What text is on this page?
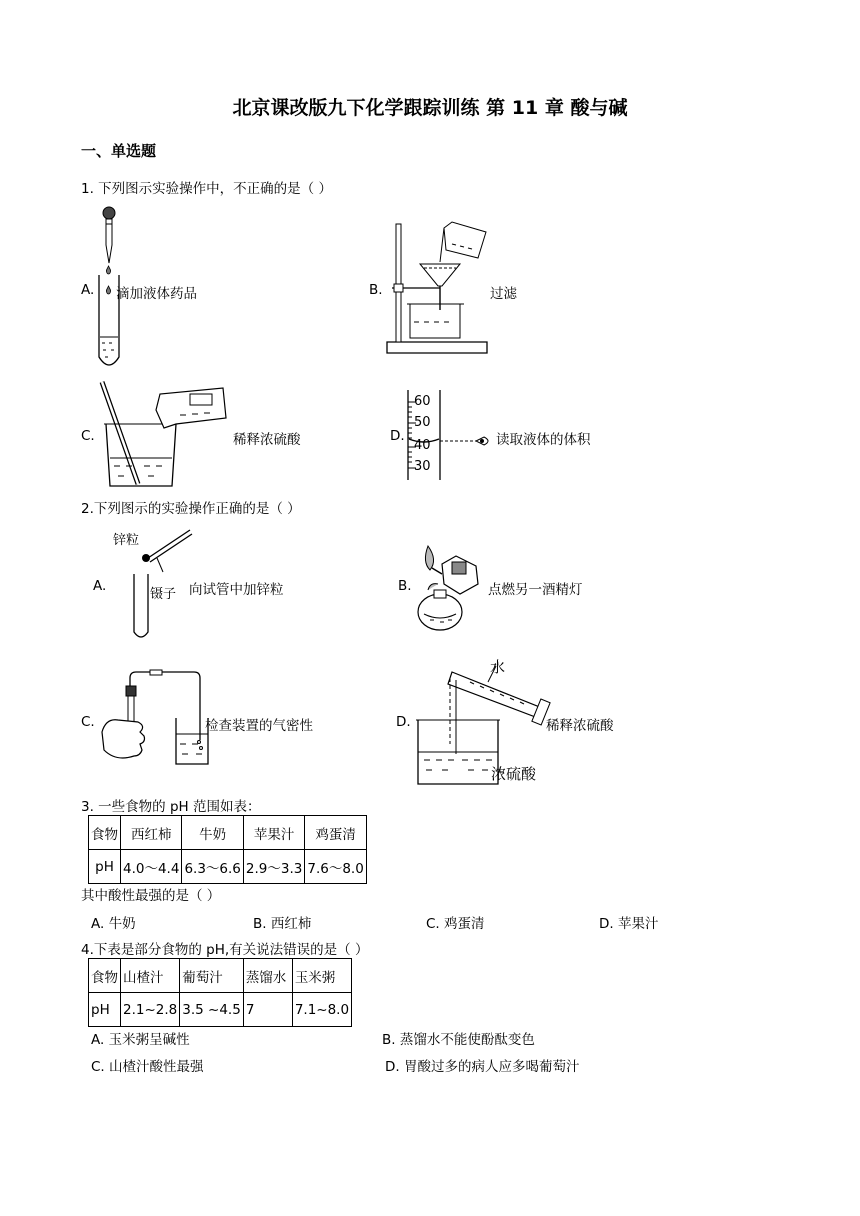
北京课改版九下化学跟踪训练 第 11 章 酸与碱
一、单选题
1. 下列图示实验操作中，不正确的是（ ）
A. 滴加液体药品	B.	过滤
C.	稀释浓硫酸
60
50
40
30
D.	读取液体的体积
2.下列图示的实验操作正确的是（ ）
锌粒
镊子
A.	向试管中加锌粒	B.	点燃另一酒精灯
C.	检查装置的气密性
水
浓硫酸
D.	稀释浓硫酸
3. 一些食物的 pH 范围如表：
食物	西红柿	牛奶	苹果汁	鸡蛋清
pH	4.0～4.4	6.3～6.6	2.9～3.3	7.6～8.0
其中酸性最强的是（ ）
A. 牛奶	B. 西红柿	C. 鸡蛋清	D. 苹果汁
4.下表是部分食物的 pH,有关说法错误的是（ ）
食物	山楂汁	葡萄汁	蒸馏水	玉米粥
pH	2.1~2.8	3.5 ~4.5	7	7.1~8.0
A. 玉米粥呈碱性	B. 蒸馏水不能使酚酞变色
C. 山楂汁酸性最强	D. 胃酸过多的病人应多喝葡萄汁
